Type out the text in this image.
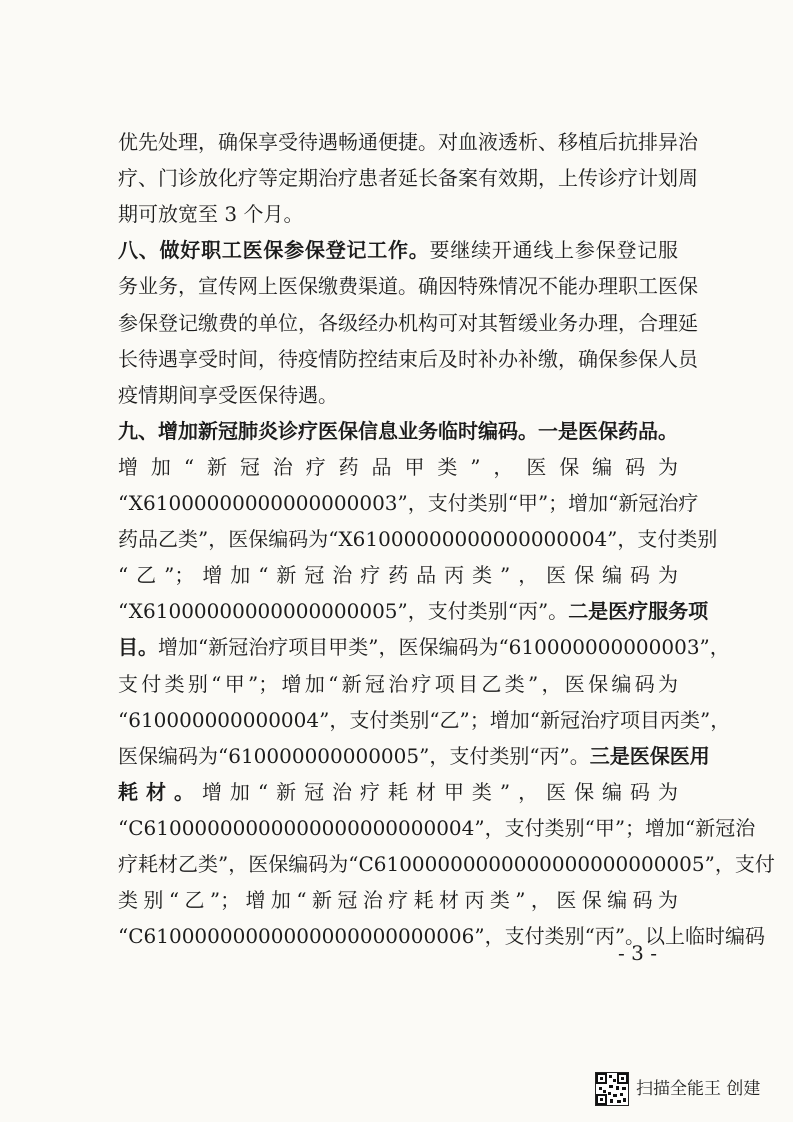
优先处理，确保享受待遇畅通便捷。对血液透析、移植后抗排异治
疗、门诊放化疗等定期治疗患者延长备案有效期，上传诊疗计划周
期可放宽至 3 个月。
八、做好职工医保参保登记工作。要继续开通线上参保登记服
务业务，宣传网上医保缴费渠道。确因特殊情况不能办理职工医保
参保登记缴费的单位，各级经办机构可对其暂缓业务办理，合理延
长待遇享受时间，待疫情防控结束后及时补办补缴，确保参保人员
疫情期间享受医保待遇。
九、增加新冠肺炎诊疗医保信息业务临时编码。一是医保药品。
增加“新冠治疗药品甲类”，医保编码为
“X61000000000000000003”，支付类别“甲”；增加“新冠治疗
药品乙类”，医保编码为“X61000000000000000004”，支付类别
“乙”；增加“新冠治疗药品丙类”，医保编码为
“X61000000000000000005”，支付类别“丙”。二是医疗服务项
目。增加“新冠治疗项目甲类”，医保编码为“610000000000003”，
支付类别“甲”；增加“新冠治疗项目乙类”，医保编码为
“610000000000004”，支付类别“乙”；增加“新冠治疗项目丙类”，
医保编码为“610000000000005”，支付类别“丙”。三是医保医用
耗材。增加“新冠治疗耗材甲类”，医保编码为
“C61000000000000000000000004”，支付类别“甲”；增加“新冠治
疗耗材乙类”，医保编码为“C61000000000000000000000005”，支付
类别“乙”；增加“新冠治疗耗材丙类”，医保编码为
“C61000000000000000000000006”，支付类别“丙”。以上临时编码
- 3 -
扫描全能王 创建
